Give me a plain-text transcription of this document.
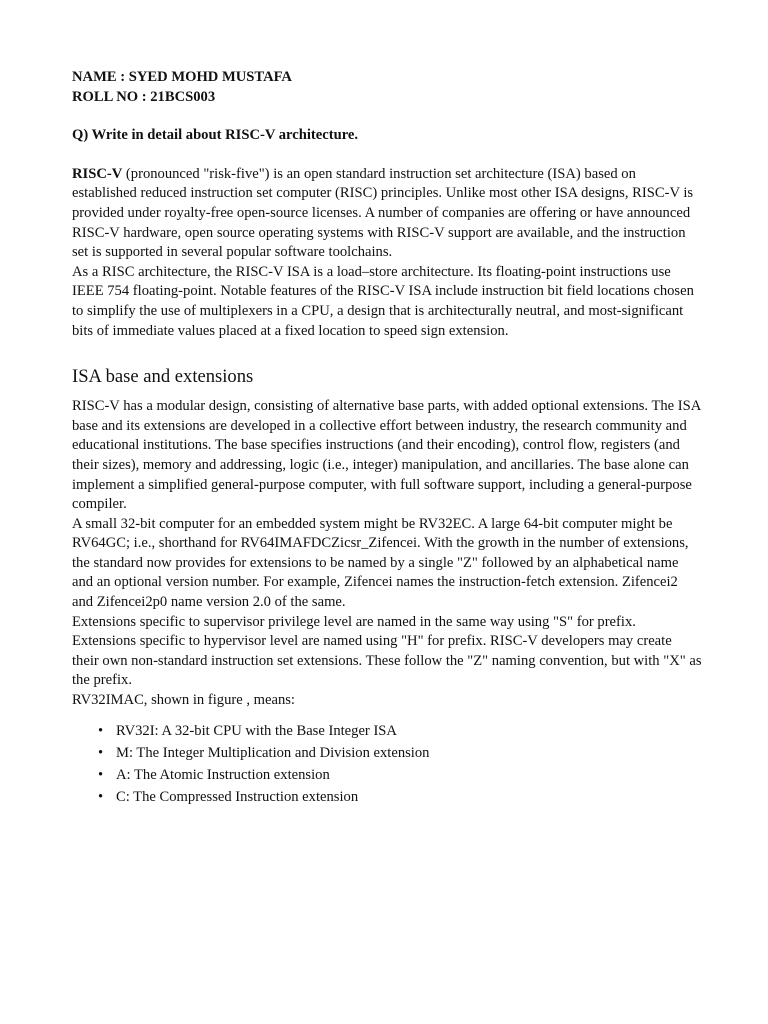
NAME : SYED MOHD MUSTAFA

ROLL NO : 21BCS003

Q) Write in detail about RISC-V architecture.

RISC-V (pronounced "risk-five") is an open standard instruction set architecture (ISA) based on established reduced instruction set computer (RISC) principles. Unlike most other ISA designs, RISC-V is provided under royalty-free open-source licenses. A number of companies are offering or have announced RISC-V hardware, open source operating systems with RISC-V support are available, and the instruction set is supported in several popular software toolchains.

As a RISC architecture, the RISC-V ISA is a load–store architecture. Its floating-point instructions use IEEE 754 floating-point. Notable features of the RISC-V ISA include instruction bit field locations chosen to simplify the use of multiplexers in a CPU, a design that is architecturally neutral, and most-significant bits of immediate values placed at a fixed location to speed sign extension.

ISA base and extensions

RISC-V has a modular design, consisting of alternative base parts, with added optional extensions. The ISA base and its extensions are developed in a collective effort between industry, the research community and educational institutions. The base specifies instructions (and their encoding), control flow, registers (and their sizes), memory and addressing, logic (i.e., integer) manipulation, and ancillaries. The base alone can implement a simplified general-purpose computer, with full software support, including a general-purpose compiler.

A small 32-bit computer for an embedded system might be RV32EC. A large 64-bit computer might be RV64GC; i.e., shorthand for RV64IMAFDCZicsr_Zifencei. With the growth in the number of extensions, the standard now provides for extensions to be named by a single "Z" followed by an alphabetical name and an optional version number. For example, Zifencei names the instruction-fetch extension. Zifencei2 and Zifencei2p0 name version 2.0 of the same.

Extensions specific to supervisor privilege level are named in the same way using "S" for prefix. Extensions specific to hypervisor level are named using "H" for prefix. RISC-V developers may create their own non-standard instruction set extensions. These follow the "Z" naming convention, but with "X" as the prefix.

RV32IMAC, shown in figure , means:

• RV32I: A 32-bit CPU with the Base Integer ISA
• M: The Integer Multiplication and Division extension
• A: The Atomic Instruction extension
• C: The Compressed Instruction extension
